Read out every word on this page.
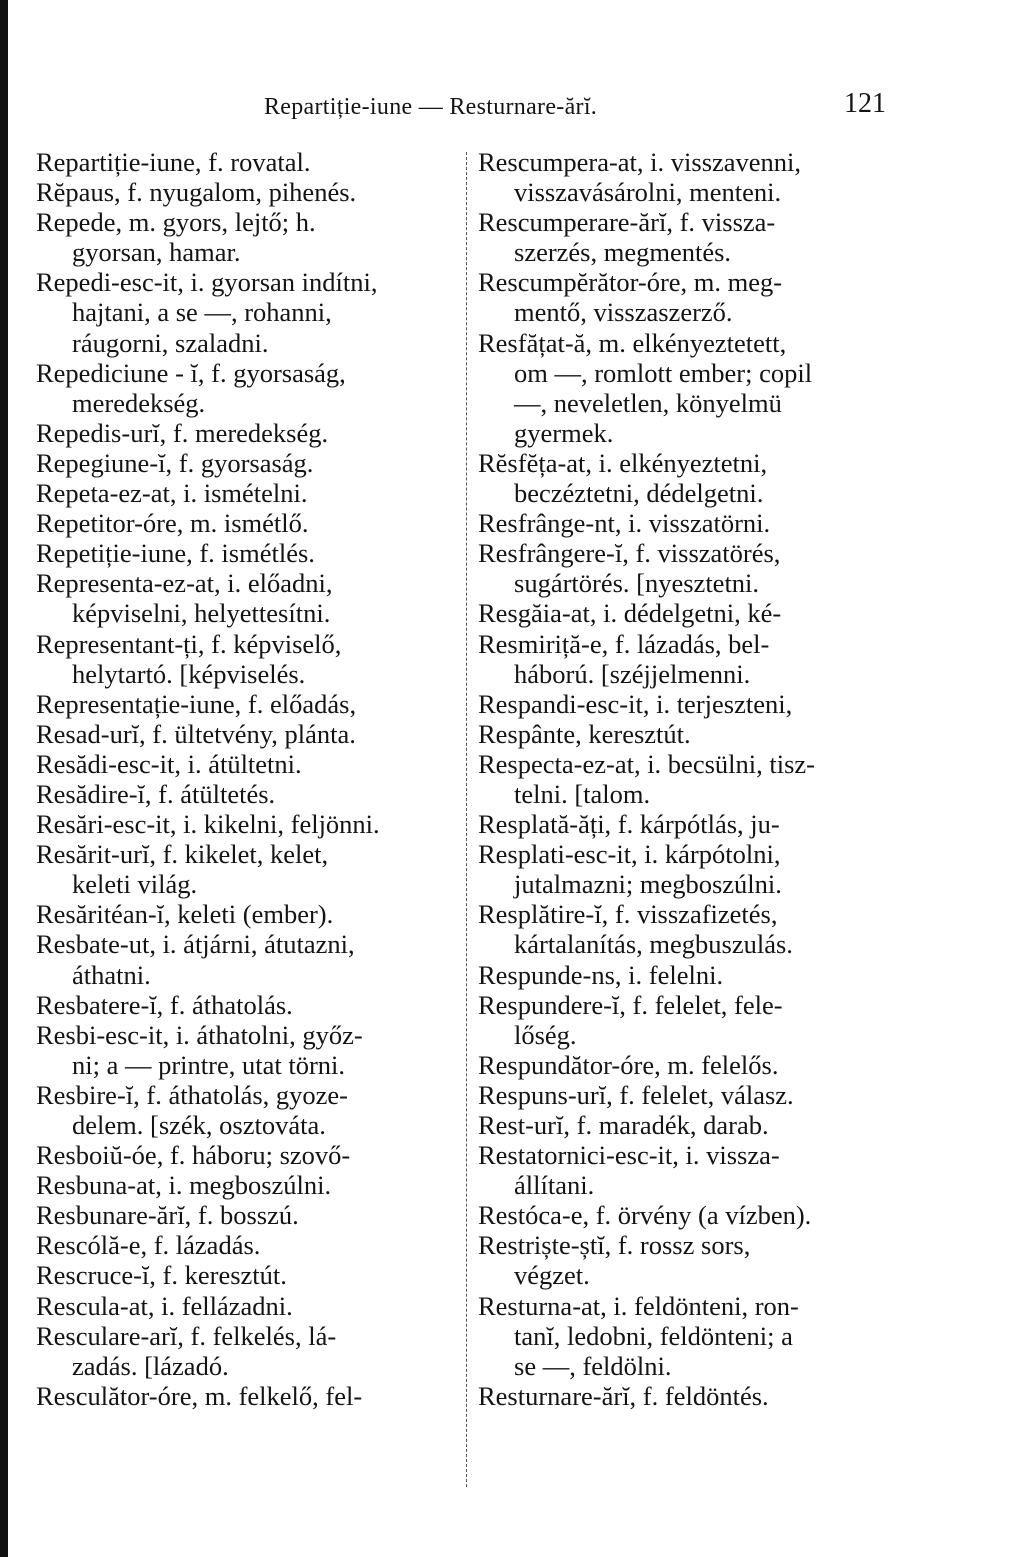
Repartiție-iune — Resturnare-ărĭ.	121
Repartiție-iune, f. rovatal.
Rĕpaus, f. nyugalom, pihenés.
Repede, m. gyors, lejtő; h.
gyorsan, hamar.
Repedi-esc-it, i. gyorsan indítni,
hajtani, a se —, rohanni,
ráugorni, szaladni.
Repediciune - ĭ, f. gyorsaság,
meredekség.
Repedis-urĭ, f. meredekség.
Repegiune-ĭ, f. gyorsaság.
Repeta-ez-at, i. ismételni.
Repetitor-óre, m. ismétlő.
Repetiție-iune, f. ismétlés.
Representa-ez-at, i. előadni,
képviselni, helyettesítni.
Representant-ți, f. képviselő,
helytartó. [képviselés.
Representație-iune, f. előadás,
Resad-urĭ, f. ültetvény, plánta.
Resădi-esc-it, i. átültetni.
Resădire-ĭ, f. átültetés.
Resări-esc-it, i. kikelni, feljönni.
Resărit-urĭ, f. kikelet, kelet,
keleti világ.
Resăritéan-ĭ, keleti (ember).
Resbate-ut, i. átjárni, átutazni,
áthatni.
Resbatere-ĭ, f. áthatolás.
Resbi-esc-it, i. áthatolni, győz-
ni; a — printre, utat törni.
Resbire-ĭ, f. áthatolás, gyoze-
delem. [szék, osztováta.
Resboiŭ-óe, f. háboru; szovő-
Resbuna-at, i. megboszúlni.
Resbunare-ărĭ, f. bosszú.
Rescólă-e, f. lázadás.
Rescruce-ĭ, f. keresztút.
Rescula-at, i. fellázadni.
Resculare-arĭ, f. felkelés, lá-
zadás. [lázadó.
Resculător-óre, m. felkelő, fel-
Rescumpera-at, i. visszavenni,
visszavásárolni, menteni.
Rescumperare-ărĭ, f. vissza-
szerzés, megmentés.
Rescumpĕrător-óre, m. meg-
mentő, visszaszerző.
Resfățat-ă, m. elkényeztetett,
om —, romlott ember; copil
—, neveletlen, könyelmü
gyermek.
Rĕsfĕța-at, i. elkényeztetni,
beczéztetni, dédelgetni.
Resfrânge-nt, i. visszatörni.
Resfrângere-ĭ, f. visszatörés,
sugártörés. [nyesztetni.
Resgăia-at, i. dédelgetni, ké-
Resmiriță-e, f. lázadás, bel-
háború. [széjjelmenni.
Respandi-esc-it, i. terjeszteni,
Respânte, keresztút.
Respecta-ez-at, i. becsülni, tisz-
telni. [talom.
Resplată-ăți, f. kárpótlás, ju-
Resplati-esc-it, i. kárpótolni,
jutalmazni; megboszúlni.
Resplătire-ĭ, f. visszafizetés,
kártalanítás, megbuszulás.
Respunde-ns, i. felelni.
Respundere-ĭ, f. felelet, fele-
lőség.
Respundător-óre, m. felelős.
Respuns-urĭ, f. felelet, válasz.
Rest-urĭ, f. maradék, darab.
Restatornici-esc-it, i. vissza-
állítani.
Restóca-e, f. örvény (a vízben).
Restriște-ștĭ, f. rossz sors,
végzet.
Resturna-at, i. feldönteni, ron-
tanĭ, ledobni, feldönteni; a
se —, feldölni.
Resturnare-ărĭ, f. feldöntés.
